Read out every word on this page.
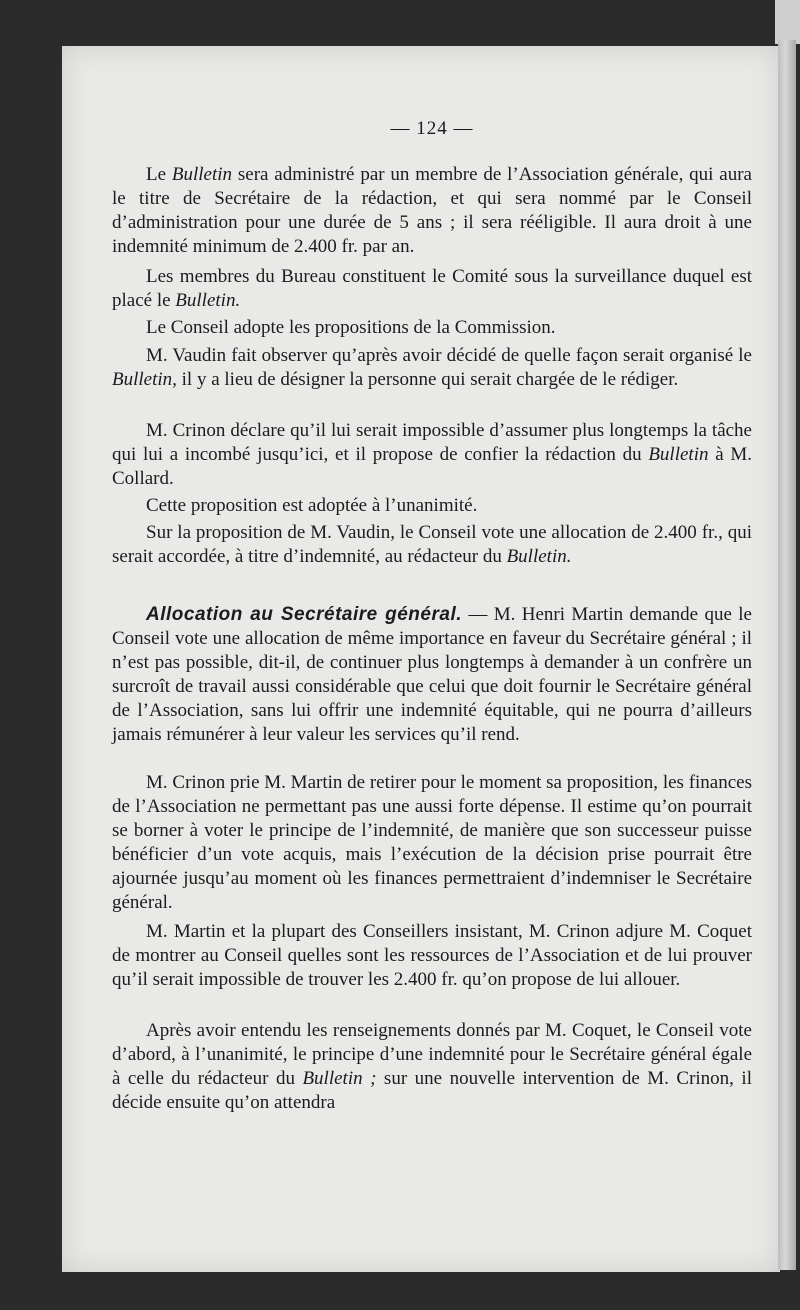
— 124 —
Le Bulletin sera administré par un membre de l’Association générale, qui aura le titre de Secrétaire de la rédaction, et qui sera nommé par le Conseil d’administration pour une durée de 5 ans ; il sera rééligible. Il aura droit à une indemnité minimum de 2.400 fr. par an.
Les membres du Bureau constituent le Comité sous la surveillance duquel est placé le Bulletin.
Le Conseil adopte les propositions de la Commission.
M. Vaudin fait observer qu’après avoir décidé de quelle façon serait organisé le Bulletin, il y a lieu de désigner la personne qui serait chargée de le rédiger.
M. Crinon déclare qu’il lui serait impossible d’assumer plus longtemps la tâche qui lui a incombé jusqu’ici, et il propose de confier la rédaction du Bulletin à M. Collard.
Cette proposition est adoptée à l’unanimité.
Sur la proposition de M. Vaudin, le Conseil vote une allocation de 2.400 fr., qui serait accordée, à titre d’indemnité, au rédacteur du Bulletin.
Allocation au Secrétaire général. — M. Henri Martin demande que le Conseil vote une allocation de même importance en faveur du Secrétaire général ; il n’est pas possible, dit-il, de continuer plus longtemps à demander à un confrère un surcroît de travail aussi considérable que celui que doit fournir le Secrétaire général de l’Association, sans lui offrir une indemnité équitable, qui ne pourra d’ailleurs jamais rémunérer à leur valeur les services qu’il rend.
M. Crinon prie M. Martin de retirer pour le moment sa proposition, les finances de l’Association ne permettant pas une aussi forte dépense. Il estime qu’on pourrait se borner à voter le principe de l’indemnité, de manière que son successeur puisse bénéficier d’un vote acquis, mais l’exécution de la décision prise pourrait être ajournée jusqu’au moment où les finances permettraient d’indemniser le Secrétaire général.
M. Martin et la plupart des Conseillers insistant, M. Crinon adjure M. Coquet de montrer au Conseil quelles sont les ressources de l’Association et de lui prouver qu’il serait impossible de trouver les 2.400 fr. qu’on propose de lui allouer.
Après avoir entendu les renseignements donnés par M. Coquet, le Conseil vote d’abord, à l’unanimité, le principe d’une indemnité pour le Secrétaire général égale à celle du rédacteur du Bulletin ; sur une nouvelle intervention de M. Crinon, il décide ensuite qu’on attendra
